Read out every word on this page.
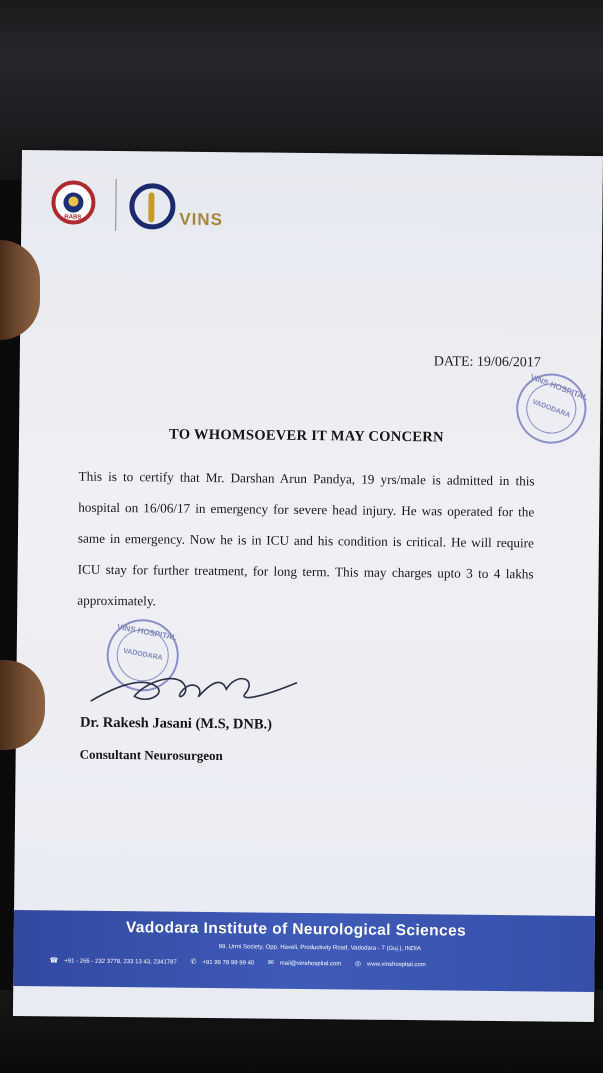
RABS	VINS
DATE: 19/06/2017
VINS HOSPITAL
VADODARA
TO WHOMSOEVER IT MAY CONCERN
This is to certify that Mr. Darshan Arun Pandya, 19 yrs/male is admitted in this hospital on 16/06/17 in emergency for severe head injury. He was operated for the same in emergency. Now he is in ICU and his condition is critical. He will require ICU stay for further treatment, for long term. This may charges upto 3 to 4 lakhs approximately.
VINS HOSPITAL
VADODARA
Dr. Rakesh Jasani (M.S, DNB.)
Consultant Neurosurgeon
Vadodara Institute of Neurological Sciences
99, Urmi Society, Opp. Haveli, Productivity Road, Vadodara - 7 (Guj.), INDIA
☎ +91 - 265 - 232 3778, 233 13 43, 2341787 ✆ +91 99 78 99 99 40 ✉ mail@vinshospital.com ◎ www.vinshospital.com
